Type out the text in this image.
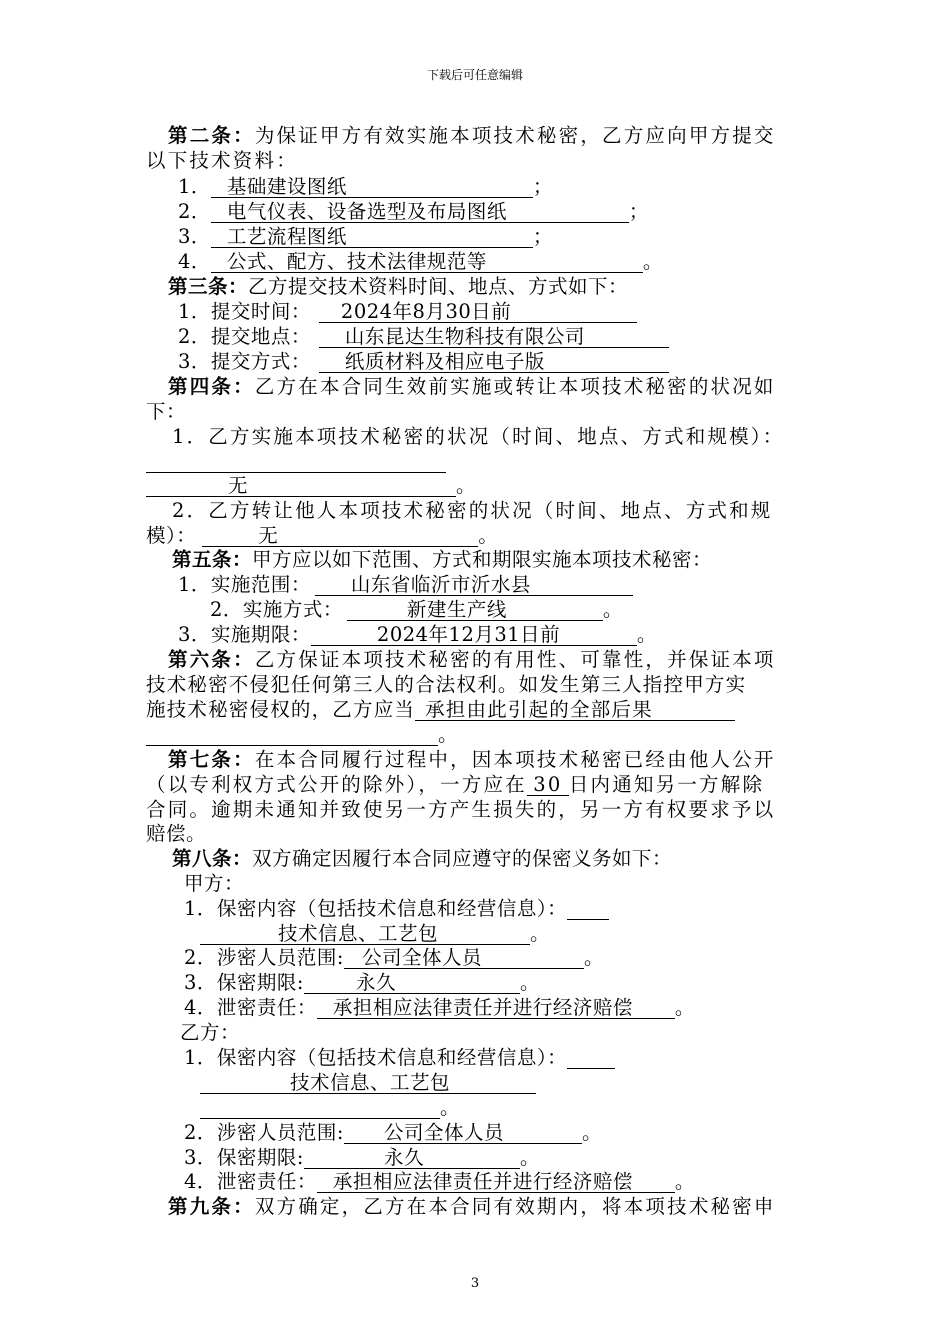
下载后可任意编辑
第二条：为保证甲方有效实施本项技术秘密，乙方应向甲方提交
以下技术资料：
1． 基础建设图纸	；
2． 电气仪表、设备选型及布局图纸	；
3． 工艺流程图纸	；
4． 公式、配方、技术法律规范等	。
第三条：乙方提交技术资料时间、地点、方式如下：
1．提交时间： 2024年8月30日前
2．提交地点： 山东昆达生物科技有限公司
3．提交方式： 纸质材料及相应电子版
第四条：乙方在本合同生效前实施或转让本项技术秘密的状况如
下：
1．乙方实施本项技术秘密的状况（时间、地点、方式和规模）：
无	。
2．乙方转让他人本项技术秘密的状况（时间、地点、方式和规
模）：	无	。
第五条：甲方应以如下范围、方式和期限实施本项技术秘密：
1．实施范围： 山东省临沂市沂水县
2．实施方式：	新建生产线	。
3．实施期限：	2024年12月31日前	。
第六条：乙方保证本项技术秘密的有用性、可靠性，并保证本项
技术秘密不侵犯任何第三人的合法权利。如发生第三人指控甲方实
施技术秘密侵权的，乙方应当 承担由此引起的全部后果
。
第七条：在本合同履行过程中，因本项技术秘密已经由他人公开
（以专利权方式公开的除外），一方应在 30 日内通知另一方解除
合同。逾期未通知并致使另一方产生损失的，另一方有权要求予以
赔偿。
第八条：双方确定因履行本合同应遵守的保密义务如下：
甲方：
1．保密内容（包括技术信息和经营信息）：
技术信息、工艺包	。
2．涉密人员范围: 公司全体人员	。
3．保密期限:	永久	。
4．泄密责任： 承担相应法律责任并进行经济赔偿 。
乙方：
1．保密内容（包括技术信息和经营信息）：
技术信息、工艺包
。
2．涉密人员范围: 公司全体人员	。
3．保密期限:	永久	。
4．泄密责任： 承担相应法律责任并进行经济赔偿 。
第九条：双方确定，乙方在本合同有效期内，将本项技术秘密申
3
